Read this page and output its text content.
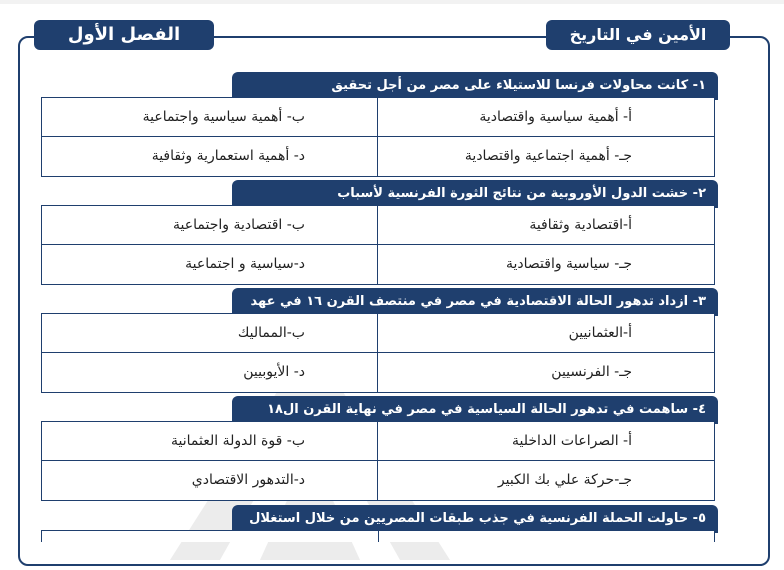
الفصل الأول	الأمين في التاريخ
١- كانت محاولات فرنسا للاستيلاء على مصر من أجل تحقيق
أ- أهمية سياسية واقتصادية
ب- أهمية سياسية واجتماعية
جـ- أهمية اجتماعية واقتصادية
د- أهمية استعمارية وثقافية
٢- خشت الدول الأوروبية من نتائج الثورة الفرنسية لأسباب
أ-اقتصادية وثقافية
ب- اقتصادية واجتماعية
جـ- سياسية واقتصادية
د-سياسية و اجتماعية
٣- ازداد تدهور الحالة الاقتصادية في مصر في منتصف القرن ١٦ في عهد
أ-العثمانيين
ب-المماليك
جـ- الفرنسيين
د- الأيوبيين
٤- ساهمت في تدهور الحالة السياسية في مصر في نهاية القرن ال١٨
أ- الصراعات الداخلية
ب- قوة الدولة العثمانية
جـ-حركة علي بك الكبير
د-التدهور الاقتصادي
٥- حاولت الحملة الفرنسية في جذب طبقات المصريين من خلال استغلال
